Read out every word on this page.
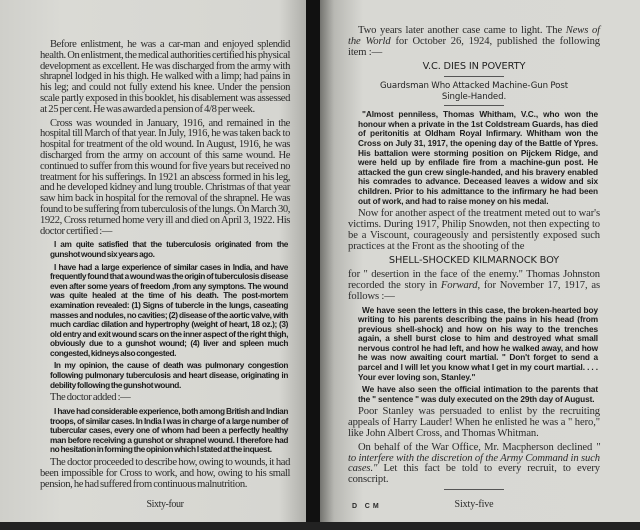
Before enlistment, he was a car-man and enjoyed splendid health. On enlistment, the medical authorities certified his physical development as excellent. He was discharged from the army with shrapnel lodged in his thigh. He walked with a limp; had pains in his leg; and could not fully extend his knee. Under the pension scale partly exposed in this booklet, his disablement was assessed at 25 per cent. He was awarded a pension of 4/8 per week.

Cross was wounded in January, 1916, and remained in the hospital till March of that year. In July, 1916, he was taken back to hospital for treatment of the old wound. In August, 1916, he was discharged from the army on account of this same wound. He continued to suffer from this wound for five years but received no treatment for his sufferings. In 1921 an abscess formed in his leg, and he developed kidney and lung trouble. Christmas of that year saw him back in hospital for the removal of the shrapnel. He was found to be suffering from tuberculosis of the lungs. On March 30, 1922, Cross returned home very ill and died on April 3, 1922. His doctor certified :—

I am quite satisfied that the tuberculosis originated from the gunshot wound six years ago.

I have had a large experience of similar cases in India, and have frequently found that a wound was the origin of tuberculosis disease even after some years of freedom ,from any symptons. The wound was quite healed at the time of his death. The post-mortem examination revealed: (1) Signs of tubercle in the lungs, caseating masses and nodules, no cavities; (2) disease of the aortic valve, with much cardiac dilation and hypertrophy (weight of heart, 18 oz.); (3) old entry and exit wound scars on the inner aspect of the right thigh, obviously due to a gunshot wound; (4) liver and spleen much congested, kidneys also congested.

In my opinion, the cause of death was pulmonary congestion following pulmonary tuberculosis and heart disease, originating in debility following the gunshot wound.

The doctor added :—

I have had considerable experience, both among British and Indian troops, of similar cases. In India I was in charge of a large number of tubercular cases, every one of whom had been a perfectly healthy man before receiving a gunshot or shrapnel wound. I therefore had no hesitation in forming the opinion which I stated at the inquest.

The doctor proceeded to describe how, owing to wounds, it had been impossible for Cross to work, and how, owing to his small pension, he had suffered from continuous malnutrition.

Sixty-four

Two years later another case came to light. The News of the World for October 26, 1924, published the following item :—

V.C. DIES IN POVERTY
Guardsman Who Attacked Machine-Gun Post
Single-Handed.

"Almost penniless, Thomas Whitham, V.C., who won the honour when a private in the 1st Coldstream Guards, has died of peritonitis at Oldham Royal Infirmary. Whitham won the Cross on July 31, 1917, the opening day of the Battle of Ypres. His battalion were storming position on Pijckem Ridge, and were held up by enfilade fire from a machine-gun post. He attacked the gun crew single-handed, and his bravery enabled his comrades to advance. Deceased leaves a widow and six children. Prior to his admittance to the infirmary he had been out of work, and had to raise money on his medal.

Now for another aspect of the treatment meted out to war's victims. During 1917, Philip Snowden, not then expecting to be a Viscount, courageously and persistently exposed such practices at the Front as the shooting of the

SHELL-SHOCKED KILMARNOCK BOY

for " desertion in the face of the enemy." Thomas Johnston recorded the story in Forward, for November 17, 1917, as follows :—

We have seen the letters in this case, the broken-hearted boy writing to his parents describing the pains in his head (from previous shell-shock) and how on his way to the trenches again, a shell burst close to him and destroyed what small nervous control he had left, and how he walked away, and how he was now awaiting court martial. " Don't forget to send a parcel and I will let you know what I get in my court martial. . . . Your ever loving son, Stanley."

We have also seen the official intimation to the parents that the " sentence " was duly executed on the 29th day of August.

Poor Stanley was persuaded to enlist by the recruiting appeals of Harry Lauder! When he enlisted he was a " hero," like John Albert Cross, and Thomas Whitman.

On behalf of the War Office, Mr. Macpherson declined " to interfere with the discretion of the Army Command in such cases." Let this fact be told to every recruit, to every conscript.

D CM	Sixty-five
